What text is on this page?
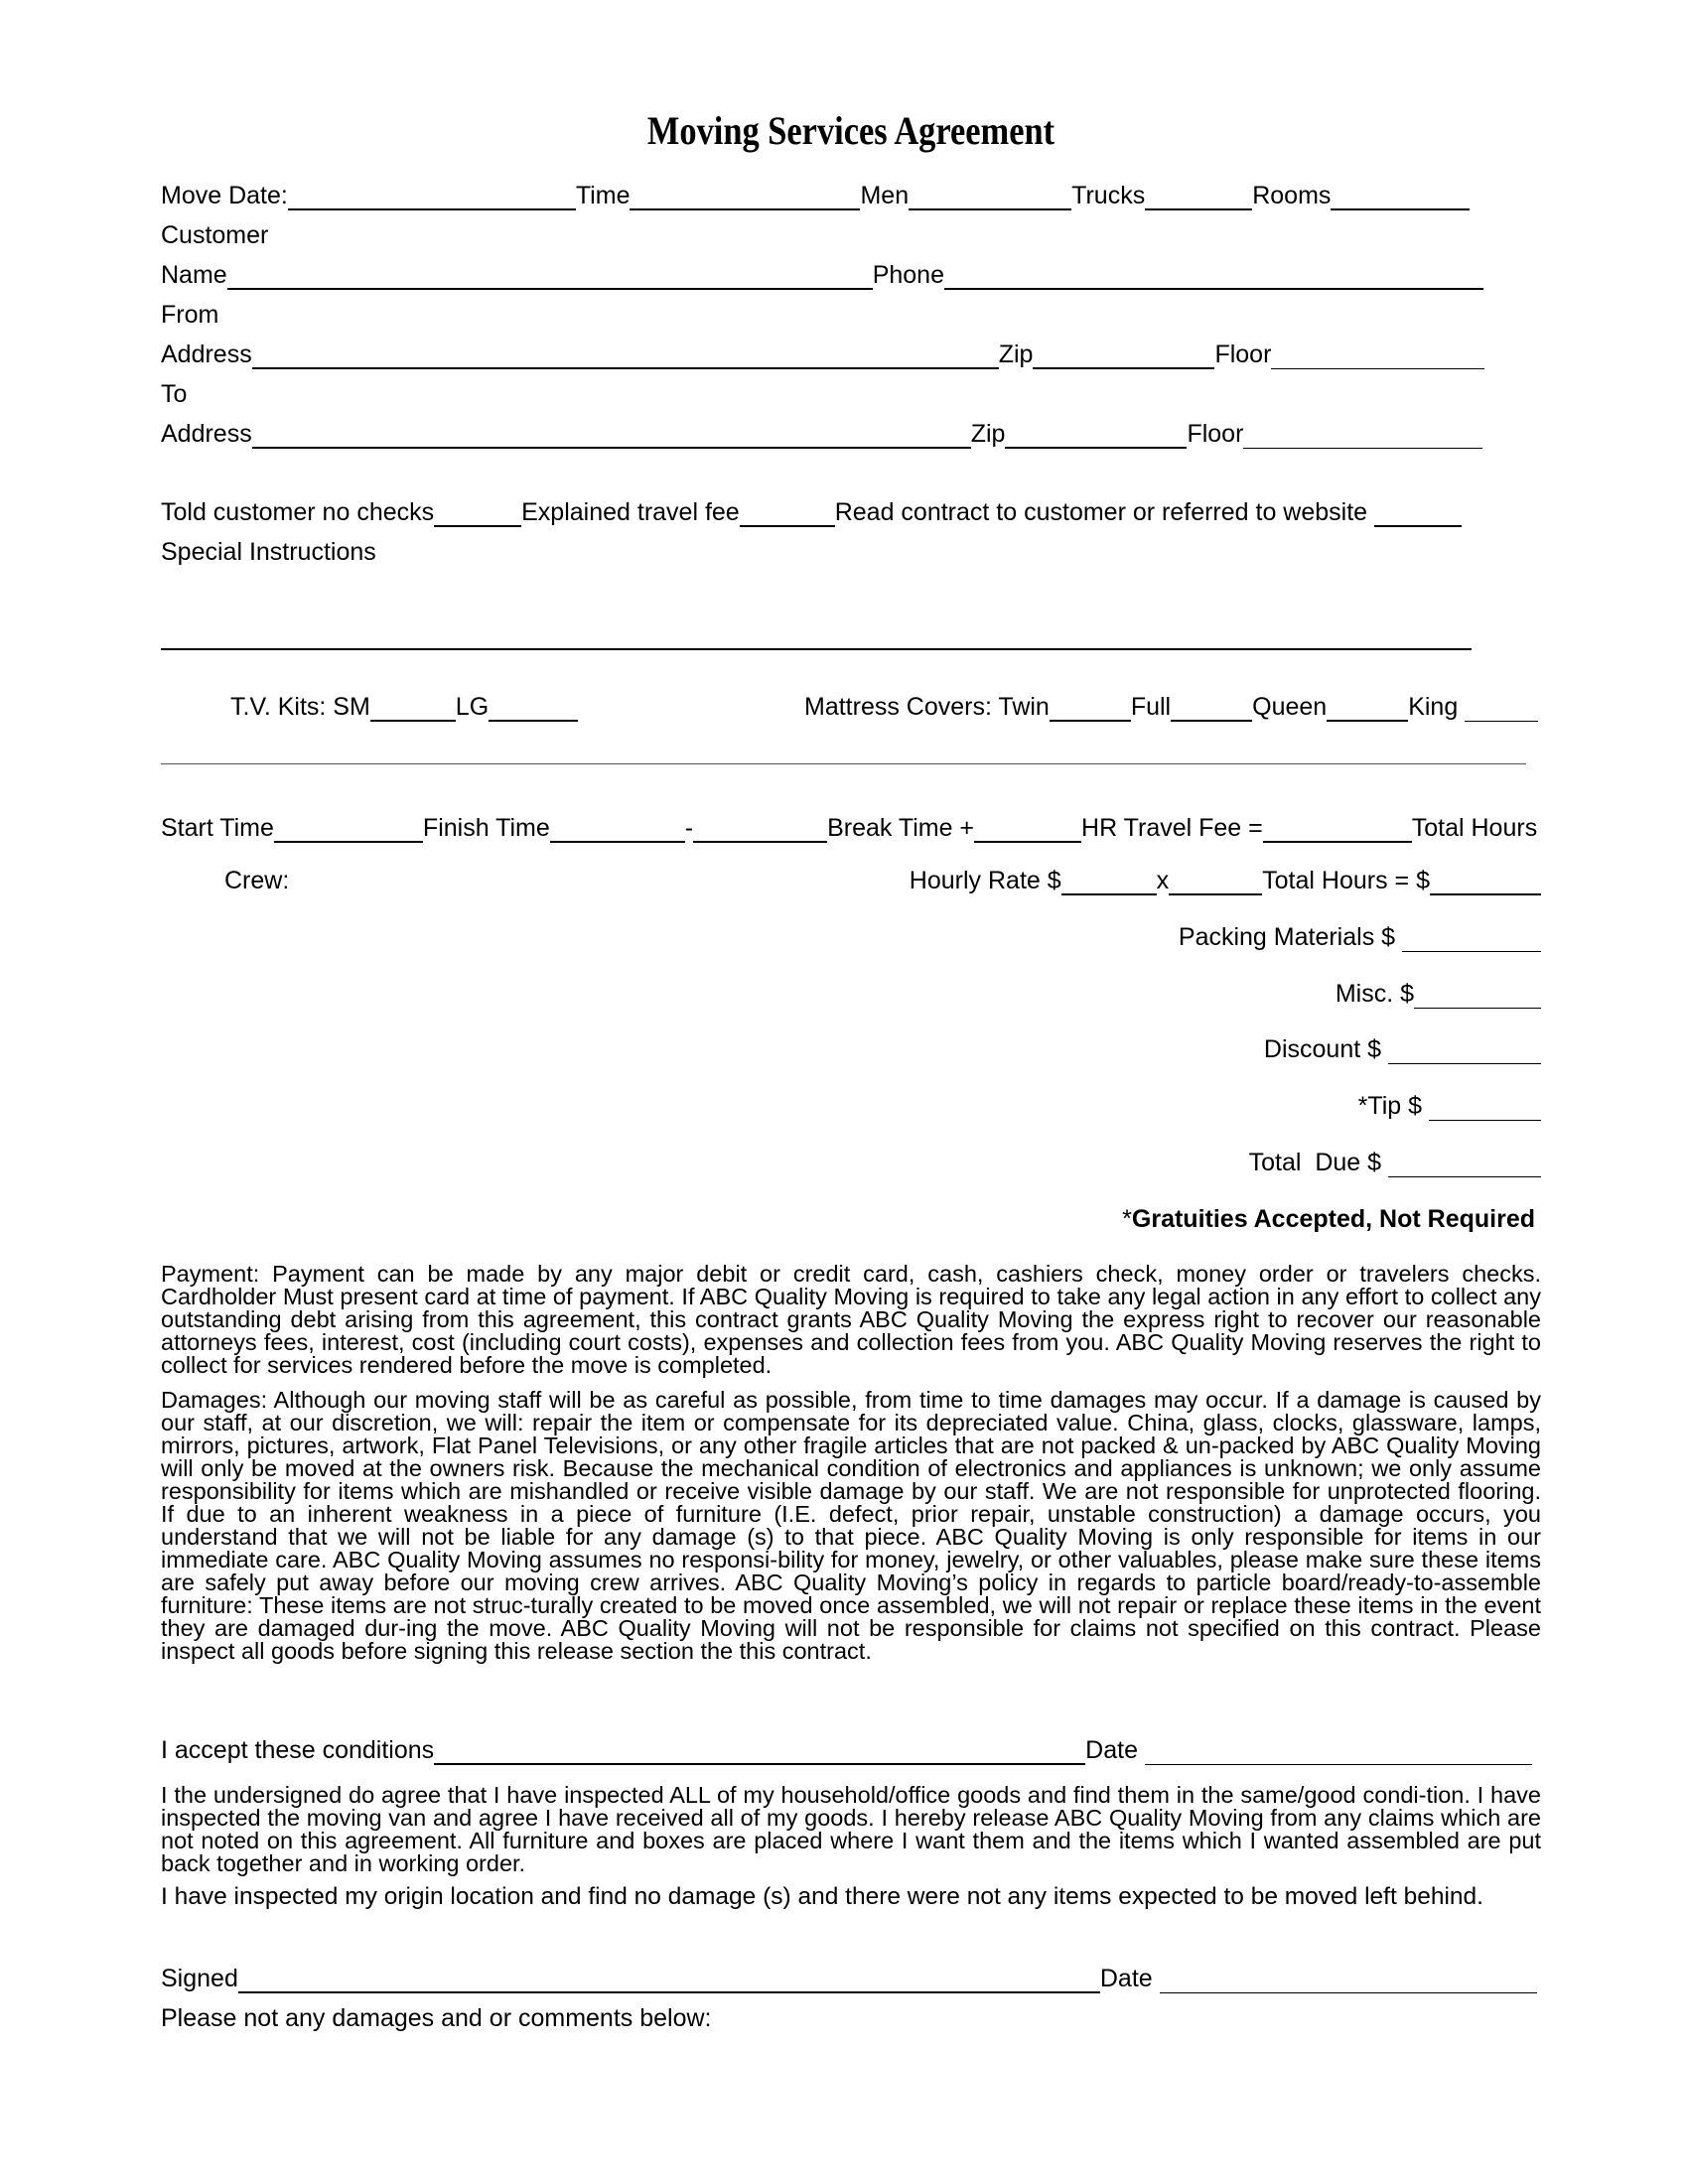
Moving Services Agreement
Move Date:	Time	Men	Trucks	Rooms
Customer
Name	Phone
From
Address	Zip	Floor
To
Address	Zip	Floor
Told customer no checks	Explained travel fee	Read contract to customer or referred to website
Special Instructions
T.V. Kits: SM	LG	Mattress Covers: Twin	Full	Queen	King
Start Time	Finish Time	-	Break Time +	HR Travel Fee =	Total Hours
Crew:	Hourly Rate $	x	Total Hours = $
Packing Materials $
Misc. $
Discount $
*Tip $
Total  Due $
*Gratuities Accepted, Not Required
Payment: Payment can be made by any major debit or credit card, cash, cashiers check, money order or travelers checks. Cardholder Must present card at time of payment. If ABC Quality Moving is required to take any legal action in any effort to collect any outstanding debt arising from this agreement, this contract grants ABC Quality Moving the express right to recover our reasonable attorneys fees, interest, cost (including court costs), expenses and collection fees from you. ABC Quality Moving reserves the right to collect for services rendered before the move is completed.
Damages: Although our moving staff will be as careful as possible, from time to time damages may occur. If a damage is caused by our staff, at our discretion, we will: repair the item or compensate for its depreciated value. China, glass, clocks, glassware, lamps, mirrors, pictures, artwork, Flat Panel Televisions, or any other fragile articles that are not packed & un-packed by ABC Quality Moving will only be moved at the owners risk. Because the mechanical condition of electronics and appliances is unknown; we only assume responsibility for items which are mishandled or receive visible damage by our staff. We are not responsible for unprotected flooring. If due to an inherent weakness in a piece of furniture (I.E. defect, prior repair, unstable construction) a damage occurs, you understand that we will not be liable for any damage (s) to that piece. ABC Quality Moving is only responsible for items in our immediate care. ABC Quality Moving assumes no responsi-bility for money, jewelry, or other valuables, please make sure these items are safely put away before our moving crew arrives. ABC Quality Moving’s policy in regards to particle board/ready-to-assemble furniture: These items are not struc-turally created to be moved once assembled, we will not repair or replace these items in the event they are damaged dur-ing the move. ABC Quality Moving will not be responsible for claims not specified on this contract. Please inspect all goods before signing this release section the this contract.
I accept these conditions	Date
I the undersigned do agree that I have inspected ALL of my household/office goods and find them in the same/good condi-tion. I have inspected the moving van and agree I have received all of my goods. I hereby release ABC Quality Moving from any claims which are not noted on this agreement. All furniture and boxes are placed where I want them and the items which I wanted assembled are put back together and in working order.
I have inspected my origin location and find no damage (s) and there were not any items expected to be moved left behind.
Signed	Date
Please not any damages and or comments below:
